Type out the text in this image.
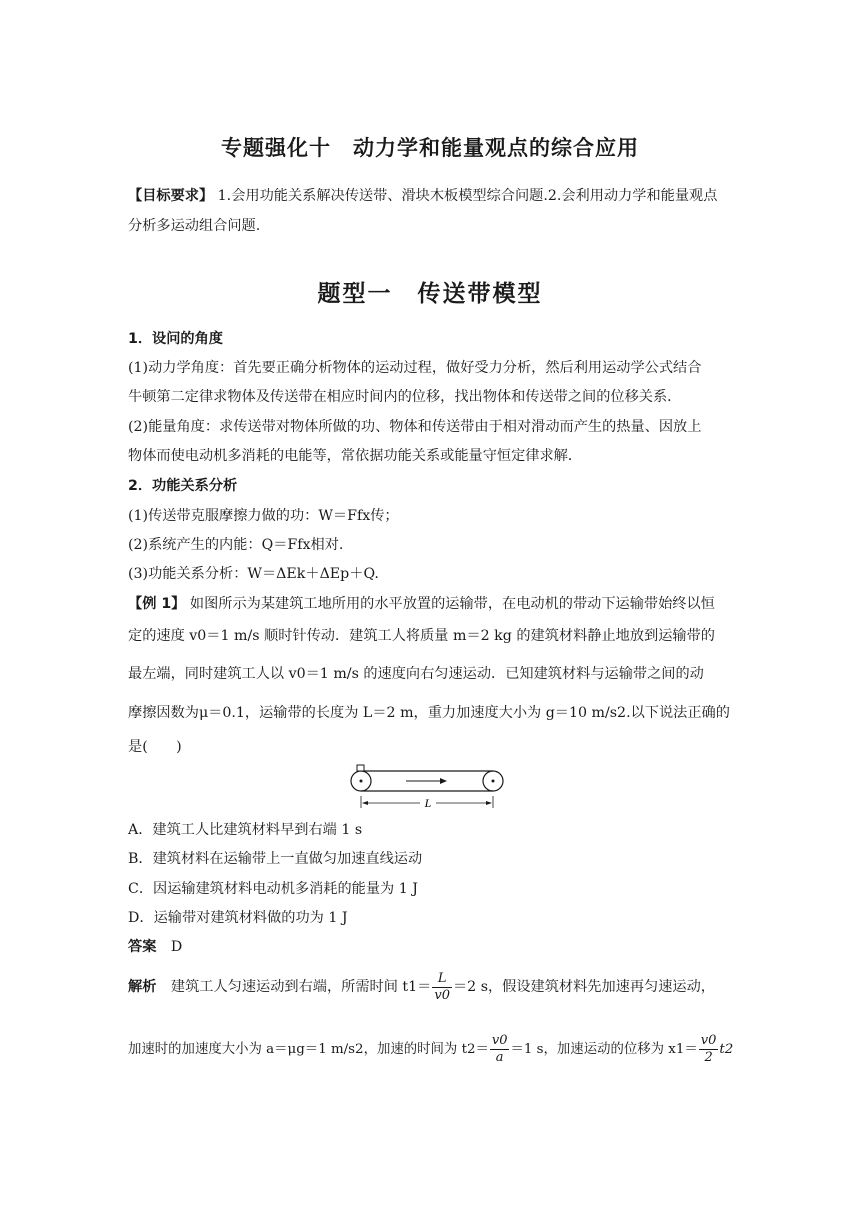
专题强化十　动力学和能量观点的综合应用
【目标要求】 1.会用功能关系解决传送带、滑块木板模型综合问题.2.会利用动力学和能量观点
分析多运动组合问题.
题型一　传送带模型
1．设问的角度
(1)动力学角度：首先要正确分析物体的运动过程，做好受力分析，然后利用运动学公式结合
牛顿第二定律求物体及传送带在相应时间内的位移，找出物体和传送带之间的位移关系．
(2)能量角度：求传送带对物体所做的功、物体和传送带由于相对滑动而产生的热量、因放上
物体而使电动机多消耗的电能等，常依据功能关系或能量守恒定律求解．
2．功能关系分析
(1)传送带克服摩擦力做的功：W＝Ffx传；
(2)系统产生的内能：Q＝Ffx相对.
(3)功能关系分析：W＝ΔEk＋ΔEp＋Q.
【例 1】 如图所示为某建筑工地所用的水平放置的运输带，在电动机的带动下运输带始终以恒
定的速度 v0＝1 m/s 顺时针传动．建筑工人将质量 m＝2 kg 的建筑材料静止地放到运输带的
最左端，同时建筑工人以 v0＝1 m/s 的速度向右匀速运动．已知建筑材料与运输带之间的动
摩擦因数为μ＝0.1，运输带的长度为 L＝2 m，重力加速度大小为 g＝10 m/s2.以下说法正确的
是(　　)
L
A．建筑工人比建筑材料早到右端 1 s
B．建筑材料在运输带上一直做匀加速直线运动
C．因运输建筑材料电动机多消耗的能量为 1 J
D．运输带对建筑材料做的功为 1 J
答案 D
解析 建筑工人匀速运动到右端，所需时间 $t1= \frac{L}{v0} =2$ s，假设建筑材料先加速再匀速运动，
加速时的加速度大小为 a＝μg＝1 m/s2，加速的时间为 $t2= \frac{v0}{a} =1$ s，加速运动的位移为 $x1= \frac{v0}{2} t2$
